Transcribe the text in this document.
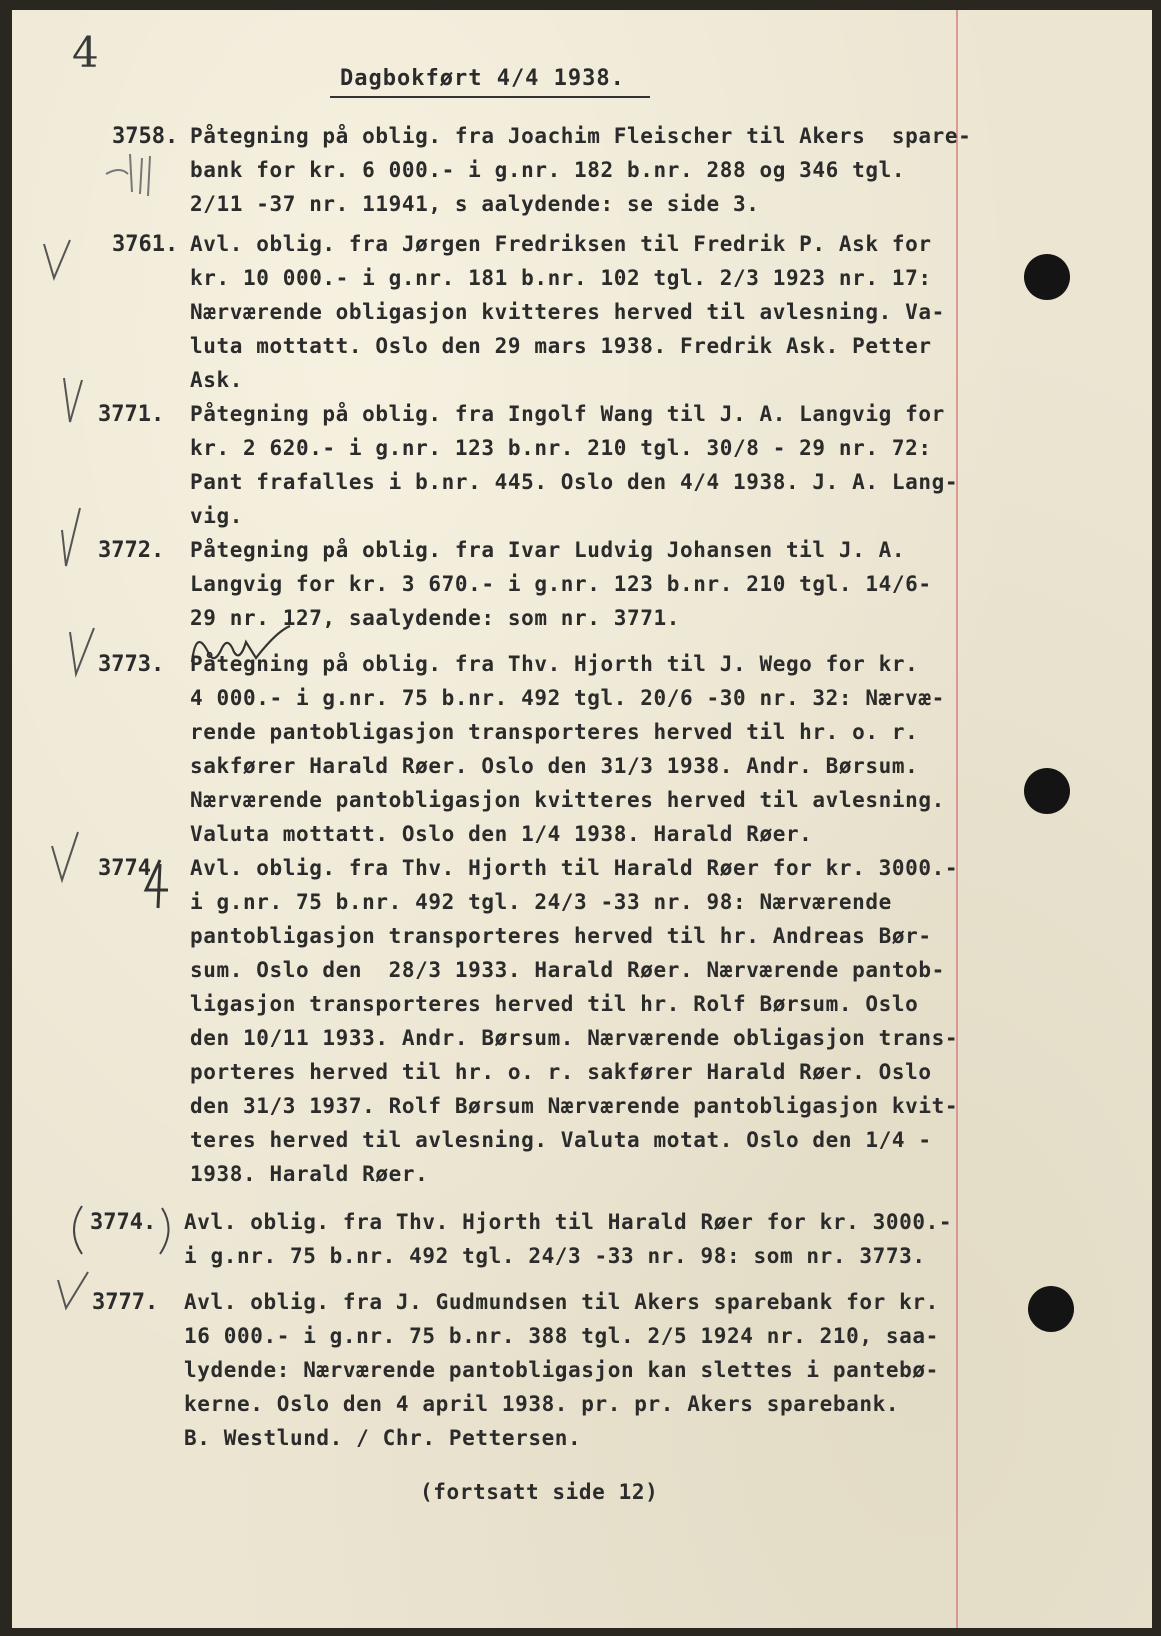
4
Dagbokført 4/4 1938.
3758. Påtegning på oblig. fra Joachim Fleischer til Akers  spare-
bank for kr. 6 000.- i g.nr. 182 b.nr. 288 og 346 tgl.
2/11 -37 nr. 11941, s aalydende: se side 3.
3761. Avl. oblig. fra Jørgen Fredriksen til Fredrik P. Ask for
kr. 10 000.- i g.nr. 181 b.nr. 102 tgl. 2/3 1923 nr. 17:
Nærværende obligasjon kvitteres herved til avlesning. Va-
luta mottatt. Oslo den 29 mars 1938. Fredrik Ask. Petter
Ask.
3771. Påtegning på oblig. fra Ingolf Wang til J. A. Langvig for
kr. 2 620.- i g.nr. 123 b.nr. 210 tgl. 30/8 - 29 nr. 72:
Pant frafalles i b.nr. 445. Oslo den 4/4 1938. J. A. Lang-
vig.
3772. Påtegning på oblig. fra Ivar Ludvig Johansen til J. A.
Langvig for kr. 3 670.- i g.nr. 123 b.nr. 210 tgl. 14/6-
29 nr. 127, saalydende: som nr. 3771.
3773. Påtegning på oblig. fra Thv. Hjorth til J. Wego for kr.
4 000.- i g.nr. 75 b.nr. 492 tgl. 20/6 -30 nr. 32: Nærvæ-
rende pantobligasjon transporteres herved til hr. o. r.
sakfører Harald Røer. Oslo den 31/3 1938. Andr. Børsum.
Nærværende pantobligasjon kvitteres herved til avlesning.
Valuta mottatt. Oslo den 1/4 1938. Harald Røer.
3774 Avl. oblig. fra Thv. Hjorth til Harald Røer for kr. 3000.-
i g.nr. 75 b.nr. 492 tgl. 24/3 -33 nr. 98: Nærværende
pantobligasjon transporteres herved til hr. Andreas Bør-
sum. Oslo den  28/3 1933. Harald Røer. Nærværende pantob-
ligasjon transporteres herved til hr. Rolf Børsum. Oslo
den 10/11 1933. Andr. Børsum. Nærværende obligasjon trans-
porteres herved til hr. o. r. sakfører Harald Røer. Oslo
den 31/3 1937. Rolf Børsum Nærværende pantobligasjon kvit-
teres herved til avlesning. Valuta motat. Oslo den 1/4 -
1938. Harald Røer.
3774. Avl. oblig. fra Thv. Hjorth til Harald Røer for kr. 3000.-
i g.nr. 75 b.nr. 492 tgl. 24/3 -33 nr. 98: som nr. 3773.
3777. Avl. oblig. fra J. Gudmundsen til Akers sparebank for kr.
16 000.- i g.nr. 75 b.nr. 388 tgl. 2/5 1924 nr. 210, saa-
lydende: Nærværende pantobligasjon kan slettes i pantebø-
kerne. Oslo den 4 april 1938. pr. pr. Akers sparebank.
B. Westlund. / Chr. Pettersen.
(fortsatt side 12)
